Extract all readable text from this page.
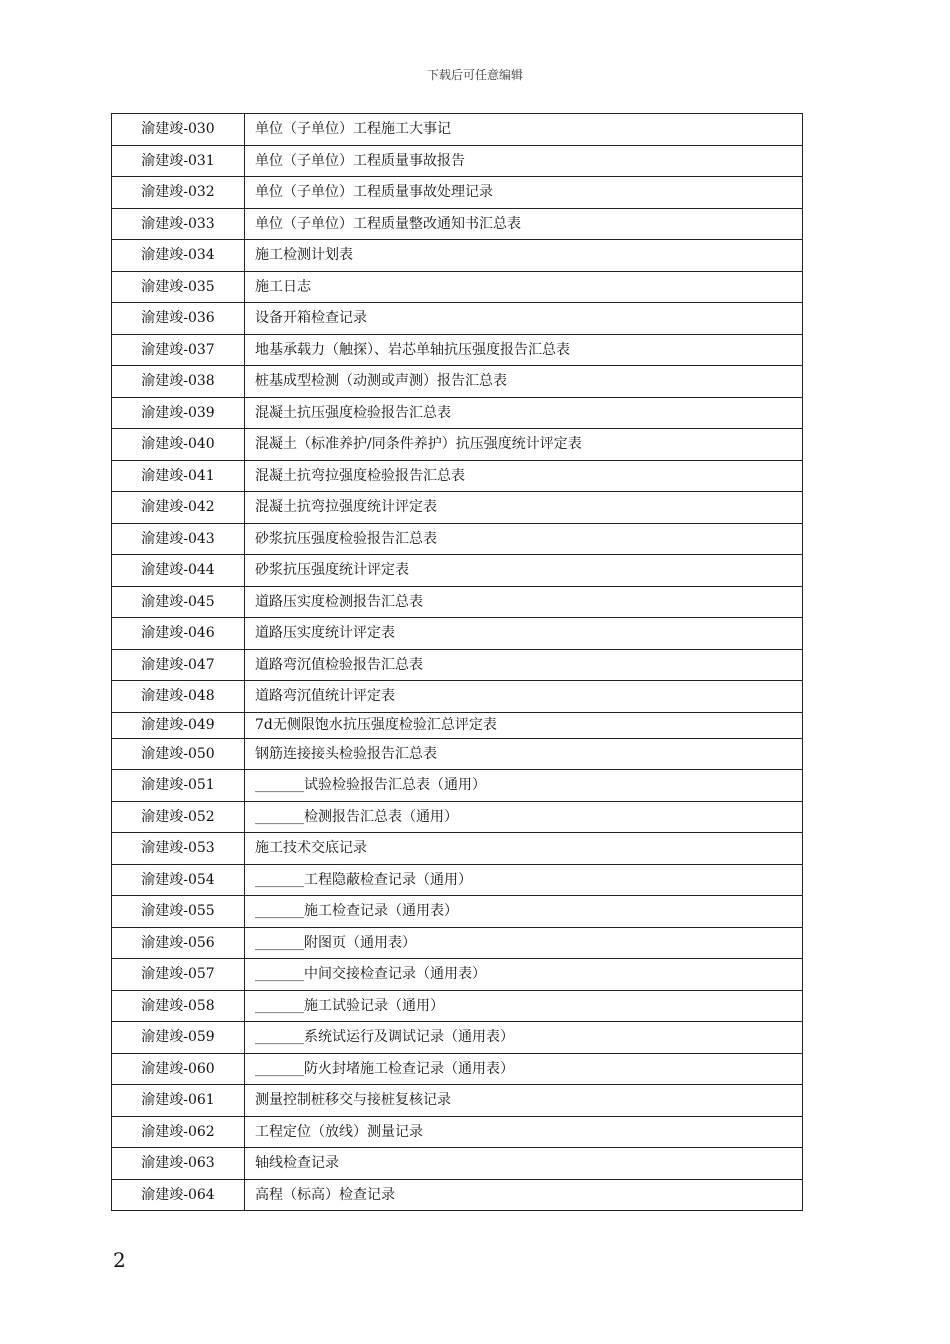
下载后可任意编辑
渝建竣-030	单位（子单位）工程施工大事记
渝建竣-031	单位（子单位）工程质量事故报告
渝建竣-032	单位（子单位）工程质量事故处理记录
渝建竣-033	单位（子单位）工程质量整改通知书汇总表
渝建竣-034	施工检测计划表
渝建竣-035	施工日志
渝建竣-036	设备开箱检查记录
渝建竣-037	地基承载力（触探）、岩芯单轴抗压强度报告汇总表
渝建竣-038	桩基成型检测（动测或声测）报告汇总表
渝建竣-039	混凝土抗压强度检验报告汇总表
渝建竣-040	混凝土（标准养护/同条件养护）抗压强度统计评定表
渝建竣-041	混凝土抗弯拉强度检验报告汇总表
渝建竣-042	混凝土抗弯拉强度统计评定表
渝建竣-043	砂浆抗压强度检验报告汇总表
渝建竣-044	砂浆抗压强度统计评定表
渝建竣-045	道路压实度检测报告汇总表
渝建竣-046	道路压实度统计评定表
渝建竣-047	道路弯沉值检验报告汇总表
渝建竣-048	道路弯沉值统计评定表
渝建竣-049	7d无侧限饱水抗压强度检验汇总评定表
渝建竣-050	钢筋连接接头检验报告汇总表
渝建竣-051	_______试验检验报告汇总表（通用）
渝建竣-052	_______检测报告汇总表（通用）
渝建竣-053	施工技术交底记录
渝建竣-054	_______工程隐蔽检查记录（通用）
渝建竣-055	_______施工检查记录（通用表）
渝建竣-056	_______附图页（通用表）
渝建竣-057	_______中间交接检查记录（通用表）
渝建竣-058	_______施工试验记录（通用）
渝建竣-059	_______系统试运行及调试记录（通用表）
渝建竣-060	_______防火封堵施工检查记录（通用表）
渝建竣-061	测量控制桩移交与接桩复核记录
渝建竣-062	工程定位（放线）测量记录
渝建竣-063	轴线检查记录
渝建竣-064	高程（标高）检查记录
2
